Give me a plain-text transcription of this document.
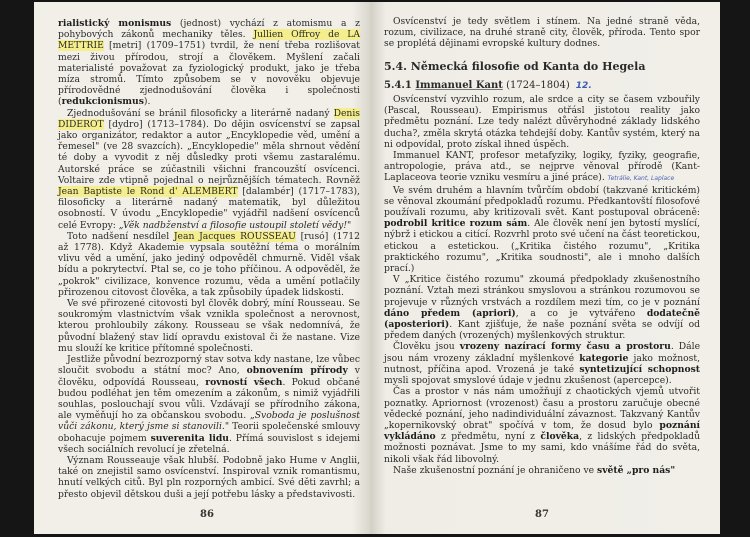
rialistický monismus (jednost) vychází z atomismu a z pohybových zákonů mechaniky těles. Jullien Offroy de LA METTRIE [metri] (1709–1751) tvrdil, že není třeba rozlišovat mezi živou přírodou, strojí a člověkem. Myšlení začali materialisté považovat za fyziologický produkt, jako je třeba míza stromů. Tímto způsobem se v novověku objevuje přírodovědné zjednodušování člověka i společnosti (redukcionismus).

Zjednodušování se bránil filosoficky a literárně nadaný Denis DIDEROT [dydro] (1713–1784). Do dějin osvícenství se zapsal jako organizátor, redaktor a autor „Encyklopedie věd, umění a řemesel" (ve 28 svazcích). „Encyklopedie" měla shrnout vědění té doby a vyvodit z něj důsledky proti všemu zastaralému. Autorské práce se zúčastnili všichni francouzští osvícenci. Voltaire zde vtipně pojednal o nejrůznějších tématech. Rovněž Jean Baptiste le Rond d' ALEMBERT [dalambér] (1717–1783), filosoficky a literárně nadaný matematik, byl důležitou osobností. V úvodu „Encyklopedie" vyjádřil nadšení osvícenců celé Evropy: „Věk nadbženství a filosofie ustoupil století vědy!"

Toto nadšení nesdílel Jean Jacques ROUSSEAU [rusó] (1712 až 1778). Když Akademie vypsala soutěžní téma o morálním vlivu věd a umění, jako jediný odpověděl chmurně. Viděl však bídu a pokrytectví. Ptal se, co je toho příčinou. A odpověděl, že „pokrok" civilizace, konvence rozumu, věda a umění potlačily přirozenou citovost člověka, a tak způsobily úpadek lidskosti.

Ve své přirozené citovosti byl člověk dobrý, míní Rousseau. Se soukromým vlastnictvím však vznikla společnost a nerovnost, kterou prohloubily zákony. Rousseau se však nedomnívá, že původní blažený stav lidí opravdu existoval či že nastane. Vize mu slouží ke kritice přítomné společnosti.

Jestliže původní bezrozporný stav sotva kdy nastane, lze vůbec sloučit svobodu a státní moc? Ano, obnovením přírody v člověku, odpovídá Rousseau, rovností všech. Pokud občané budou podléhat jen těm omezením a zákonům, s nimiž vyjádřili souhlas, poslouchají svou vůli. Vzdávají se přírodního zákona, ale vyměňují ho za občanskou svobodu. „Svoboda je poslušnost vůči zákonu, který jsme si stanovili." Teorii společenské smlouvy obohacuje pojmem suverenita lidu. Přímá souvislost s idejemi všech sociálních revolucí je zřetelná.

Význam Rousseauje však hlubší. Podobně jako Hume v Anglii, také on znejistil samo osvícenství. Inspiroval vznik romantismu, hnutí velkých citů. Byl pln rozporných ambicí. Své děti zavrhl; a přesto objevil dětskou duši a její potřebu lásky a představivosti.

86

Osvícenství je tedy světlem i stínem. Na jedné straně věda, rozum, civilizace, na druhé straně city, člověk, příroda. Tento spor se proplétá dějinami evropské kultury dodnes.

5.4. Německá filosofie od Kanta do Hegela
5.4.1 Immanuel Kant (1724–1804) 12.

Osvícenství vyzvihlo rozum, ale srdce a city se časem vzbouřily (Pascal, Rousseau). Empirismus otřásl jistotou reality jako předmětu poznání. Lze tedy nalézt důvěryhodné základy lidského ducha?, změla skrytá otázka tehdejší doby. Kantův systém, který na ni odpovídal, proto získal ihned úspěch.

Immanuel KANT, profesor metafyziky, logiky, fyziky, geografie, antropologie, práva atd., se nejprve věnoval přírodě (Kant-Laplaceova teorie vzniku vesmíru a jiné práce). Tetrálie, Kant, Laplace

Ve svém druhém a hlavním tvůrčím období (takzvané kritickém) se věnoval zkoumání předpokladů rozumu. Předkantovští filosofové používali rozumu, aby kritizovali svět. Kant postupoval obráceně: podrobil kritice rozum sám. Ale člověk není jen bytostí myslící, nýbrž i etickou a citící. Rozvrhl proto své učení na část teoretickou, etickou a estetickou. („Kritika čistého rozumu", „Kritika praktického rozumu", „Kritika soudnosti", ale i mnoho dalších prací.)

V „Kritice čistého rozumu" zkoumá předpoklady zkušenostního poznání. Vztah mezi stránkou smyslovou a stránkou rozumovou se projevuje v různých vrstvách a rozdílem mezi tím, co je v poznání dáno předem (apriori), a co je vytvářeno dodatečně (aposteriori). Kant zjišťuje, že naše poznání světa se odvíjí od předem daných (vrozených) myšlenkových struktur.

Člověku jsou vrozeny nazírací formy času a prostoru. Dále jsou nám vrozeny základní myšlenkové kategorie jako možnost, nutnost, příčina apod. Vrozená je také syntetizující schopnost mysli spojovat smyslové údaje v jednu zkušenost (apercepce).

Čas a prostor v nás nám umožňují z chaotických vjemů utvořit poznatky. Apriornost (vrozenost) času a prostoru zaručuje obecné vědecké poznání, jeho nadindividuální závaznost. Takzvaný Kantův „kopernikovský obrat" spočívá v tom, že dosud bylo poznání vykládáno z předmětu, nyní z člověka, z lidských předpokladů možnosti poznávat. Jsme to my sami, kdo vnášíme řád do světa, nikoli však řád libovolný.

Naše zkušenostní poznání je ohraničeno ve světě „pro nás"

87
